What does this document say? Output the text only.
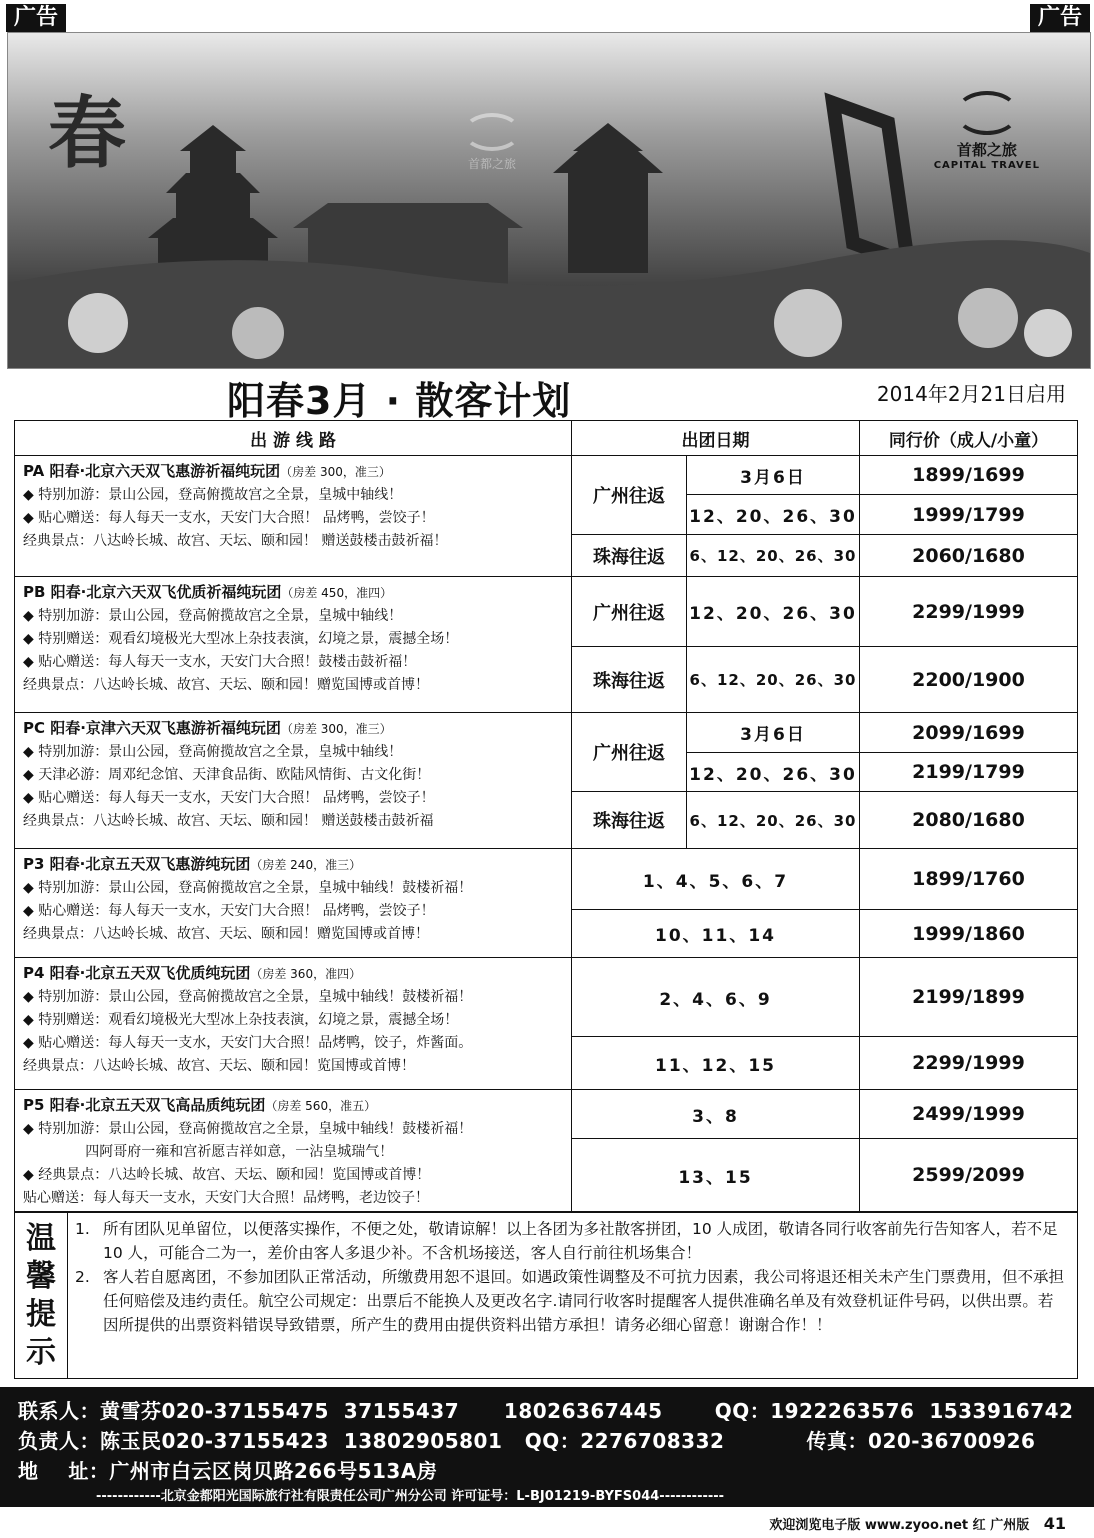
广告	广告
春	首都之旅
首都之旅
CAPITAL TRAVEL
阳春3月 · 散客计划	2014年2月21日启用
出 游 线 路	出团日期	同行价（成人/小童）
PA 阳春·北京六天双飞惠游祈福纯玩团（房差 300，准三）
◆ 特别加游：景山公园，登高俯揽故宫之全景，皇城中轴线！
◆ 贴心赠送：每人每天一支水，天安门大合照！ 品烤鸭，尝饺子！
经典景点：八达岭长城、故宫、天坛、颐和园！ 赠送鼓楼击鼓祈福！
广州往返
3月6日	1899/1699
12、20、26、30	1999/1799
珠海往返	6、12、20、26、30	2060/1680
PB 阳春·北京六天双飞优质祈福纯玩团（房差 450，准四）
◆ 特别加游：景山公园，登高俯揽故宫之全景，皇城中轴线！
◆ 特别赠送：观看幻境极光大型冰上杂技表演，幻境之景，震撼全场！
◆ 贴心赠送：每人每天一支水，天安门大合照！鼓楼击鼓祈福！
经典景点：八达岭长城、故宫、天坛、颐和园！赠览国博或首博！
广州往返	12、20、26、30	2299/1999
珠海往返	6、12、20、26、30	2200/1900
PC 阳春·京津六天双飞惠游祈福纯玩团（房差 300，准三）
◆ 特别加游：景山公园，登高俯揽故宫之全景，皇城中轴线！
◆ 天津必游：周邓纪念馆、天津食品街、欧陆风情街、古文化街！
◆ 贴心赠送：每人每天一支水，天安门大合照！ 品烤鸭，尝饺子！
经典景点：八达岭长城、故宫、天坛、颐和园！ 赠送鼓楼击鼓祈福
广州往返
3月6日	2099/1699
12、20、26、30	2199/1799
珠海往返	6、12、20、26、30	2080/1680
P3 阳春·北京五天双飞惠游纯玩团（房差 240，准三）
◆ 特别加游：景山公园，登高俯揽故宫之全景，皇城中轴线！鼓楼祈福！
◆ 贴心赠送：每人每天一支水，天安门大合照！ 品烤鸭，尝饺子！
经典景点：八达岭长城、故宫、天坛、颐和园！赠览国博或首博！
1、4、5、6、7	1899/1760
10、11、14	1999/1860
P4 阳春·北京五天双飞优质纯玩团（房差 360，准四）
◆ 特别加游：景山公园，登高俯揽故宫之全景，皇城中轴线！鼓楼祈福！
◆ 特别赠送：观看幻境极光大型冰上杂技表演，幻境之景，震撼全场！
◆ 贴心赠送：每人每天一支水，天安门大合照！品烤鸭，饺子，炸酱面。
经典景点：八达岭长城、故宫、天坛、颐和园！览国博或首博！
2、4、6、9	2199/1899
11、12、15	2299/1999
P5 阳春·北京五天双飞高品质纯玩团（房差 560，准五）
◆ 特别加游：景山公园，登高俯揽故宫之全景，皇城中轴线！鼓楼祈福！
四阿哥府一雍和宫祈愿吉祥如意，一沾皇城瑞气！
◆ 经典景点：八达岭长城、故宫、天坛、颐和园！览国博或首博！
贴心赠送：每人每天一支水，天安门大合照！品烤鸭，老边饺子！
3、8	2499/1999
13、15	2599/2099
温
馨
提
示
1. 所有团队见单留位，以便落实操作，不便之处，敬请谅解！以上各团为多社散客拼团，10 人成团，敬请各同行收客前先行告知客人，若不足 10 人，可能合二为一，差价由客人多退少补。不含机场接送，客人自行前往机场集合！
2. 客人若自愿离团，不参加团队正常活动，所缴费用恕不退回。如遇政策性调整及不可抗力因素，我公司将退还相关未产生门票费用，但不承担任何赔偿及违约责任。航空公司规定：出票后不能换人及更改名字.请同行收客时提醒客人提供准确名单及有效登机证件号码，以供出票。若因所提供的出票资料错误导致错票，所产生的费用由提供资料出错方承担！请务必细心留意！谢谢合作！！
联系人：黄雪芬020-37155475  37155437      18026367445       QQ：1922263576  1533916742
负责人：陈玉民020-37155423  13802905801   QQ：2276708332           传真：020-36700926
地    址：广州市白云区岗贝路266号513A房
------------北京金都阳光国际旅行社有限责任公司广州分公司 许可证号：L-BJ01219-BYFS044------------
欢迎浏览电子版 www.zyoo.net 红 广州版 41
